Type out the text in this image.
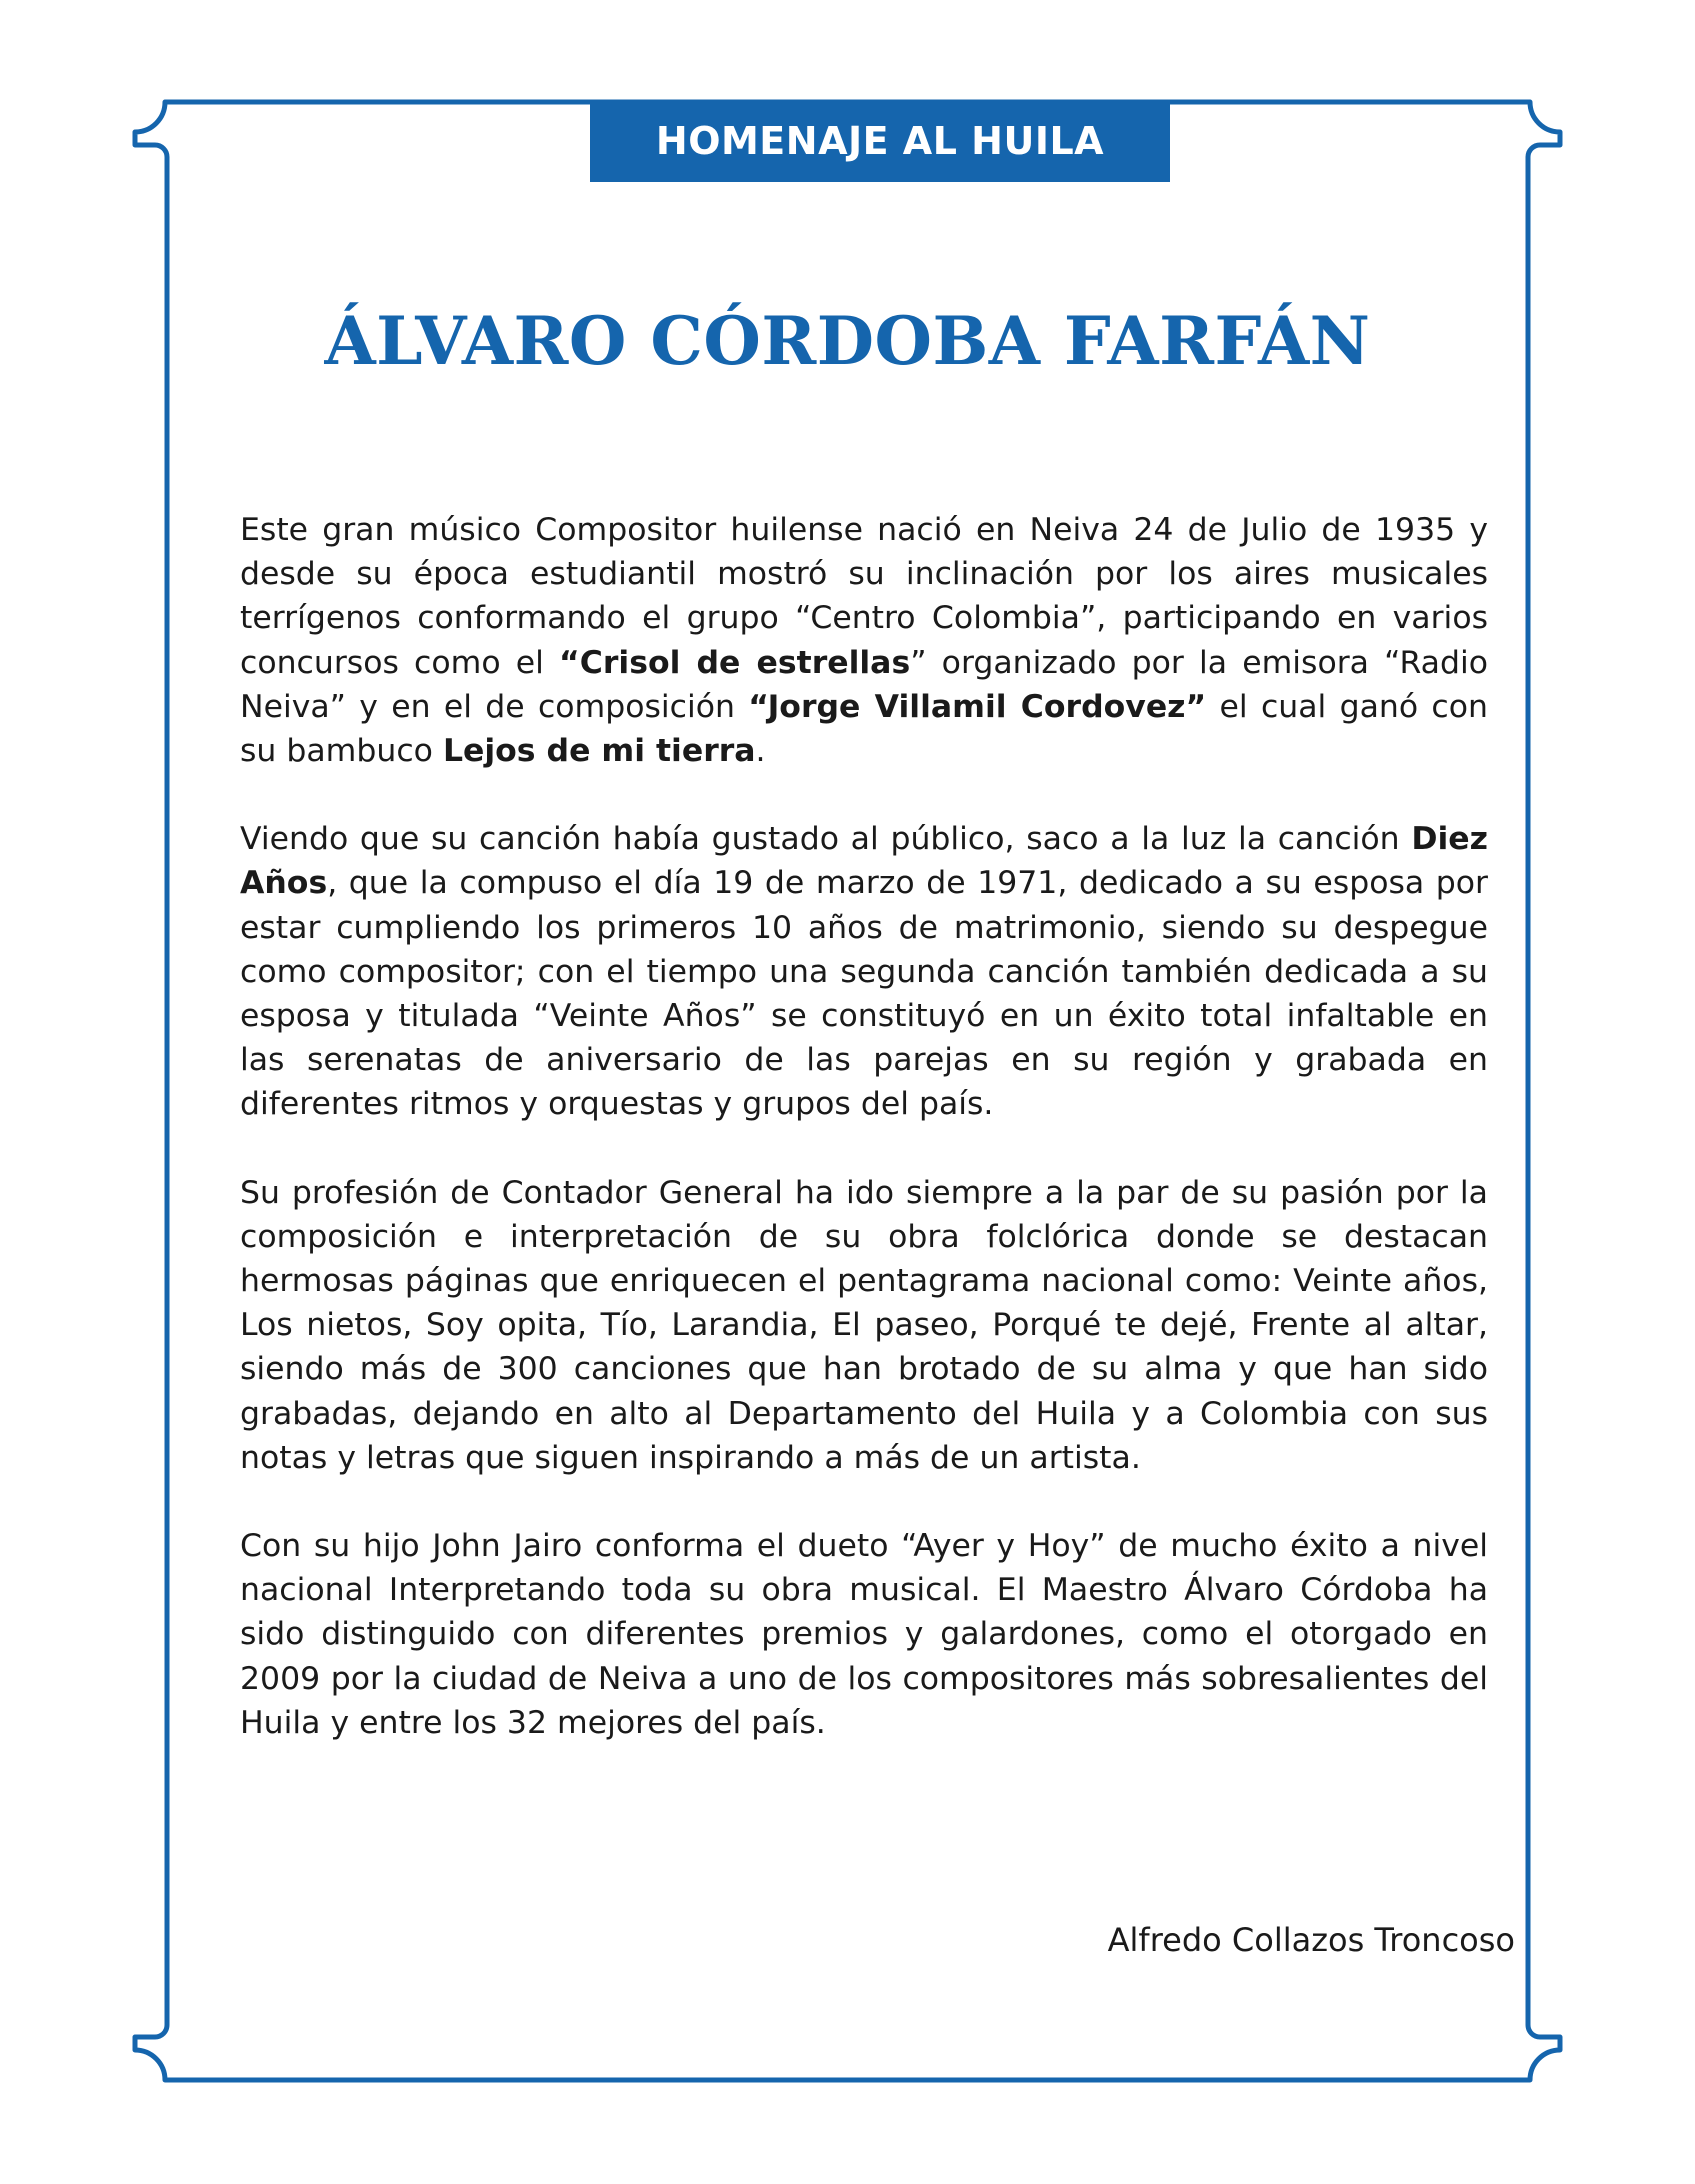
HOMENAJE AL HUILA
ÁLVARO CÓRDOBA FARFÁN

Este gran músico Compositor huilense nació en Neiva 24 de Julio de 1935 y desde su época estudiantil mostró su inclinación por los aires musicales terrígenos conformando el grupo “Centro Colombia”, participando en varios concursos como el “Crisol de estrellas” organizado por la emisora “Radio Neiva” y en el de composición “Jorge Villamil Cordovez” el cual ganó con su bambuco Lejos de mi tierra.

Viendo que su canción había gustado al público, saco a la luz la canción Diez Años, que la compuso el día 19 de marzo de 1971, dedicado a su esposa por estar cumpliendo los primeros 10 años de matrimonio, siendo su despegue como compositor; con el tiempo una segunda canción también dedicada a su esposa y titulada “Veinte Años” se constituyó en un éxito total infaltable en las serenatas de aniversario de las parejas en su región y grabada en diferentes ritmos y orquestas y grupos del país.

Su profesión de Contador General ha ido siempre a la par de su pasión por la composición e interpretación de su obra folclórica donde se destacan hermosas páginas que enriquecen el pentagrama nacional como: Veinte años, Los nietos, Soy opita, Tío, Larandia, El paseo, Porqué te dejé, Frente al altar, siendo más de 300 canciones que han brotado de su alma y que han sido grabadas, dejando en alto al Departamento del Huila y a Colombia con sus notas y letras que siguen inspirando a más de un artista.

Con su hijo John Jairo conforma el dueto “Ayer y Hoy” de mucho éxito a nivel nacional Interpretando toda su obra musical. El Maestro Álvaro Córdoba ha sido distinguido con diferentes premios y galardones, como el otorgado en 2009 por la ciudad de Neiva a uno de los compositores más sobresalientes del Huila y entre los 32 mejores del país.

Alfredo Collazos Troncoso
